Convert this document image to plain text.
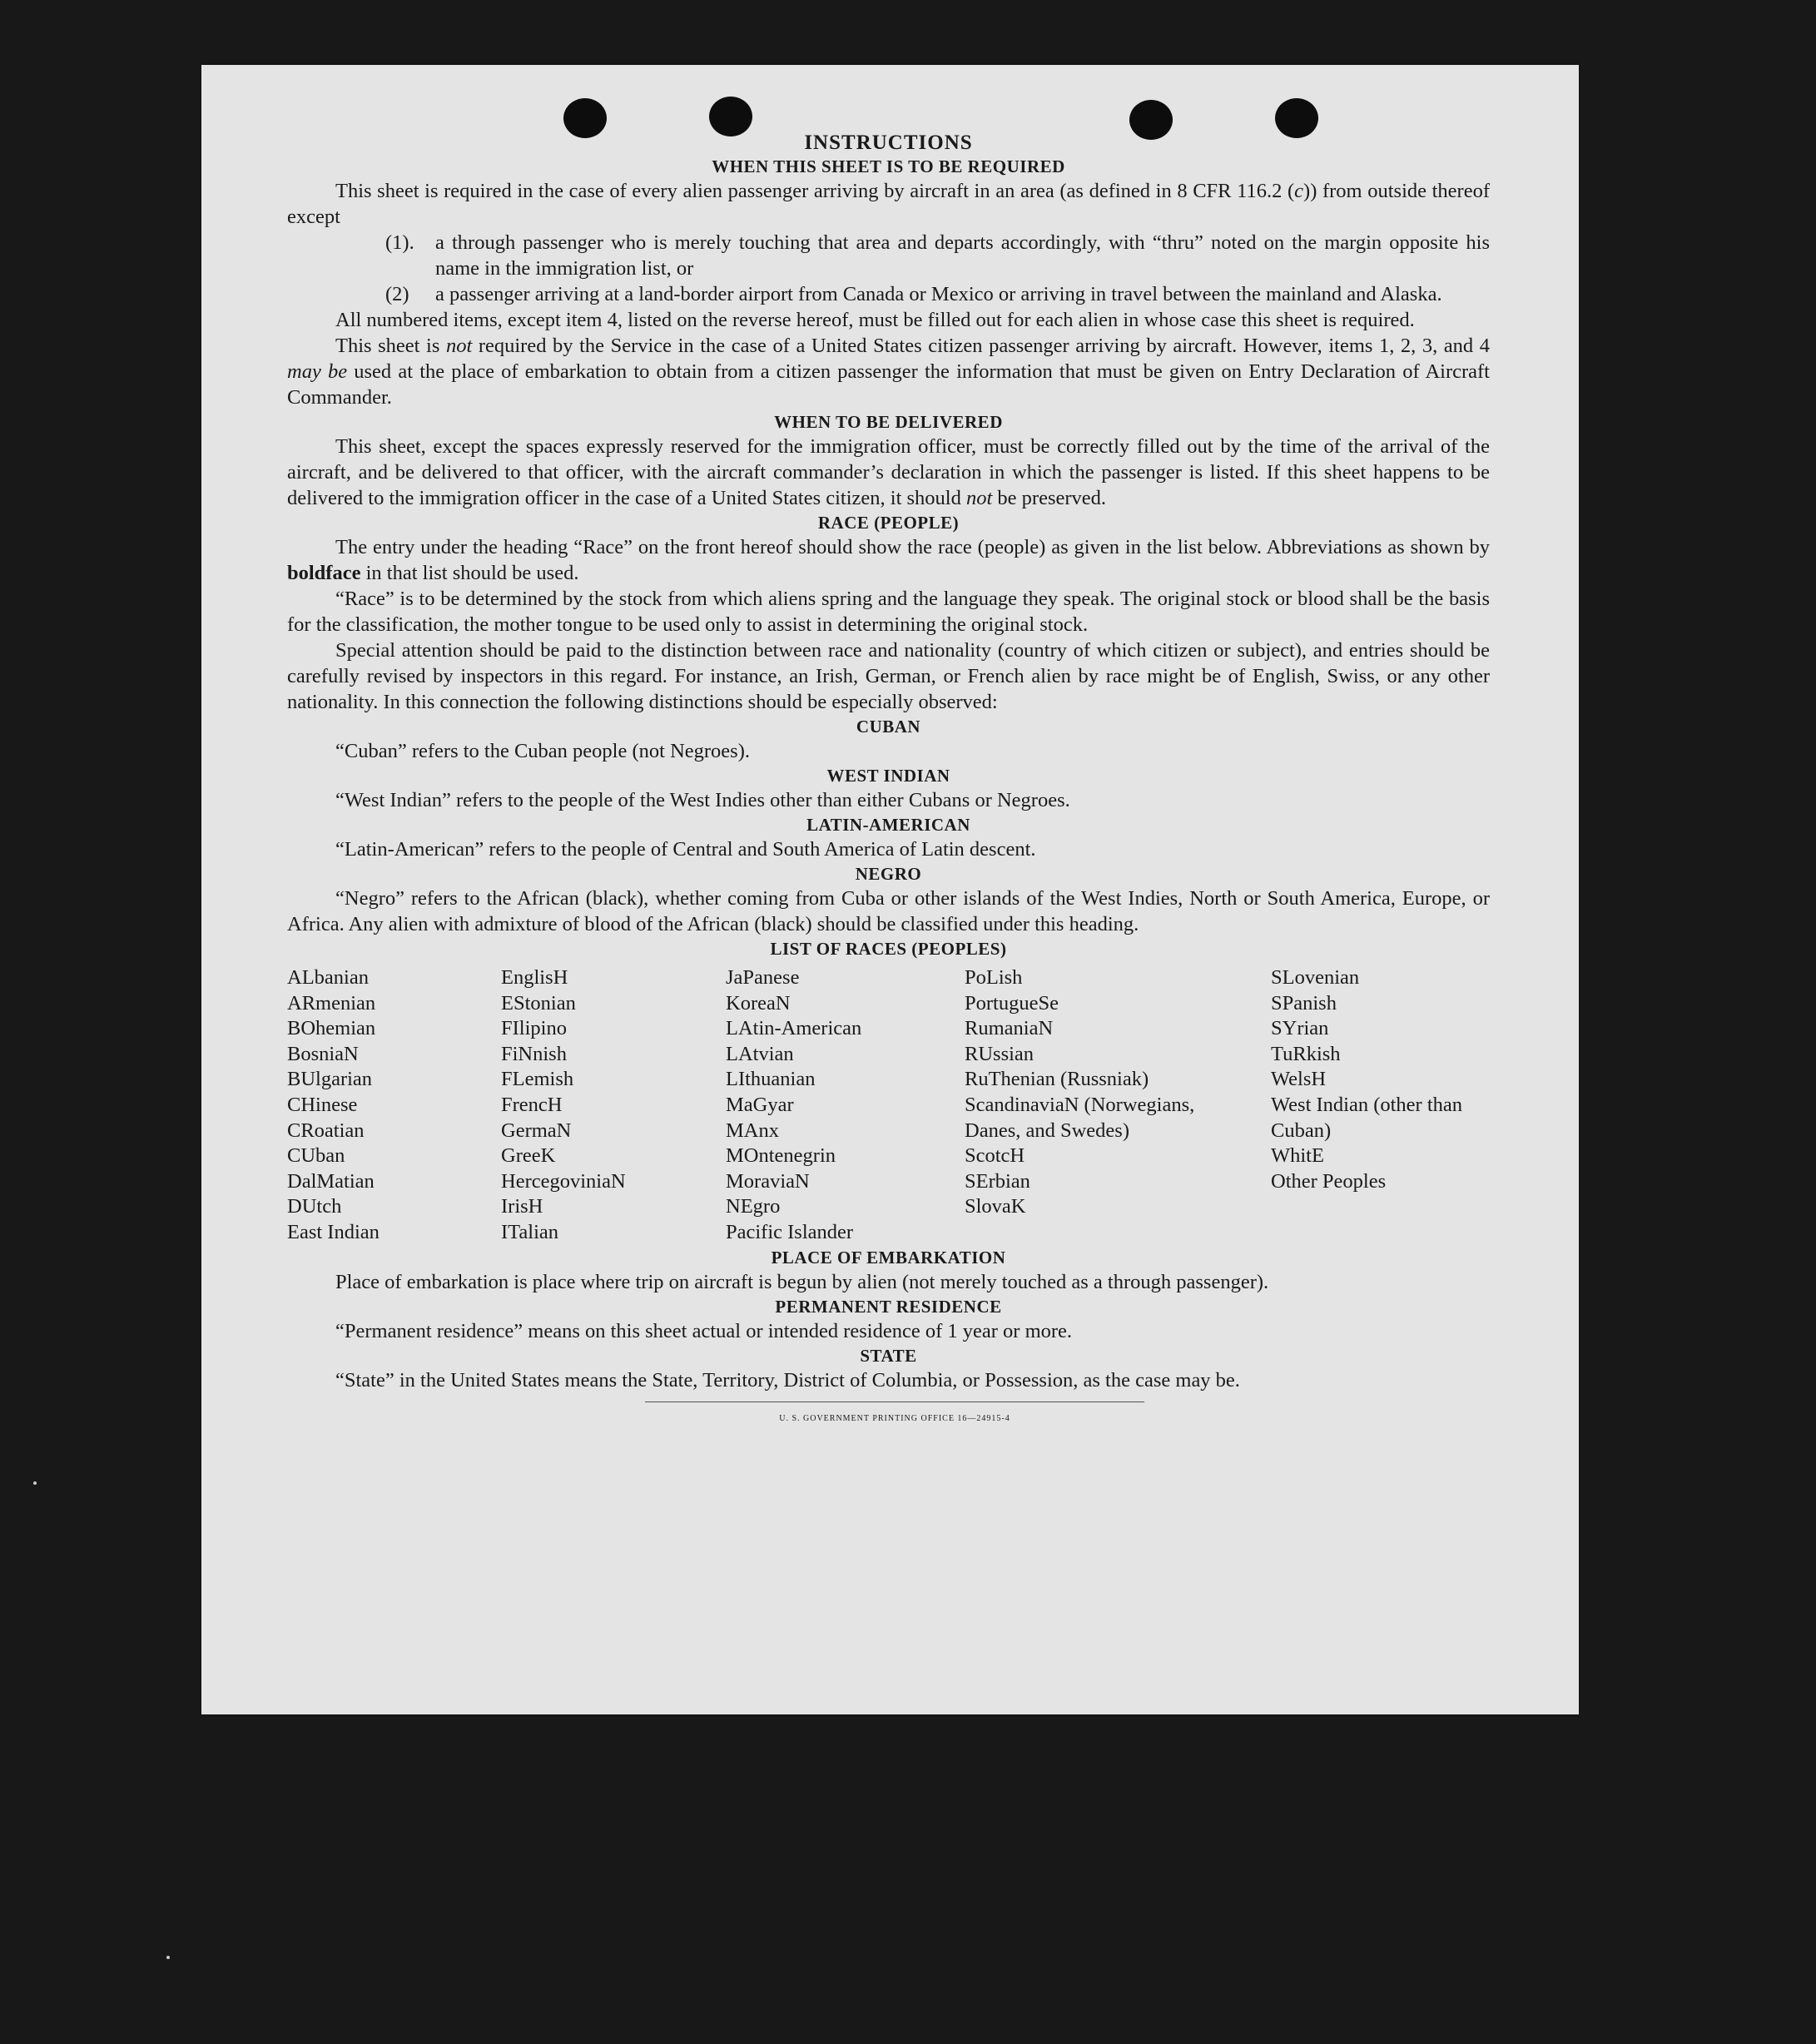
INSTRUCTIONS
WHEN THIS SHEET IS TO BE REQUIRED

This sheet is required in the case of every alien passenger arriving by aircraft in an area (as defined in 8 CFR 116.2 (c)) from outside thereof except

(1).	a through passenger who is merely touching that area and departs accordingly, with “thru” noted on the margin opposite his name in the immigration list, or
(2)	a passenger arriving at a land-border airport from Canada or Mexico or arriving in travel between the mainland and Alaska.

All numbered items, except item 4, listed on the reverse hereof, must be filled out for each alien in whose case this sheet is required.

This sheet is not required by the Service in the case of a United States citizen passenger arriving by aircraft. However, items 1, 2, 3, and 4 may be used at the place of embarkation to obtain from a citizen passenger the information that must be given on Entry Declaration of Aircraft Commander.

WHEN TO BE DELIVERED

This sheet, except the spaces expressly reserved for the immigration officer, must be correctly filled out by the time of the arrival of the aircraft, and be delivered to that officer, with the aircraft commander’s declaration in which the passenger is listed. If this sheet happens to be delivered to the immigration officer in the case of a United States citizen, it should not be preserved.

RACE (PEOPLE)

The entry under the heading “Race” on the front hereof should show the race (people) as given in the list below. Abbreviations as shown by boldface in that list should be used.

“Race” is to be determined by the stock from which aliens spring and the language they speak. The original stock or blood shall be the basis for the classification, the mother tongue to be used only to assist in determining the original stock.

Special attention should be paid to the distinction between race and nationality (country of which citizen or subject), and entries should be carefully revised by inspectors in this regard. For instance, an Irish, German, or French alien by race might be of English, Swiss, or any other nationality. In this connection the following distinctions should be especially observed:

CUBAN

“Cuban” refers to the Cuban people (not Negroes).

WEST INDIAN

“West Indian” refers to the people of the West Indies other than either Cubans or Negroes.

LATIN-AMERICAN

“Latin-American” refers to the people of Central and South America of Latin descent.

NEGRO

“Negro” refers to the African (black), whether coming from Cuba or other islands of the West Indies, North or South America, Europe, or Africa. Any alien with admixture of blood of the African (black) should be classified under this heading.

LIST OF RACES (PEOPLES)
ALbanian
ARmenian
BOhemian
BosniaN
BUlgarian
CHinese
CRoatian
CUban
DalMatian
DUtch
East Indian
EnglisH
EStonian
FIlipino
FiNnish
FLemish
FrencH
GermaN
GreeK
HercegoviniaN
IrisH
ITalian
JaPanese
KoreaN
LAtin-American
LAtvian
LIthuanian
MaGyar
MAnx
MOntenegrin
MoraviaN
NEgro
Pacific Islander
PoLish
PortugueSe
RumaniaN
RUssian
RuThenian (Russniak)
ScandinaviaN (Norwegians, Danes, and Swedes)
ScotcH
SErbian
SlovaK
SLovenian
SPanish
SYrian
TuRkish
WelsH
West Indian (other than Cuban)
WhitE
Other Peoples
PLACE OF EMBARKATION

Place of embarkation is place where trip on aircraft is begun by alien (not merely touched as a through passenger).

PERMANENT RESIDENCE

“Permanent residence” means on this sheet actual or intended residence of 1 year or more.

STATE

“State” in the United States means the State, Territory, District of Columbia, or Possession, as the case may be.

U. S. GOVERNMENT PRINTING OFFICE 16—24915-4
